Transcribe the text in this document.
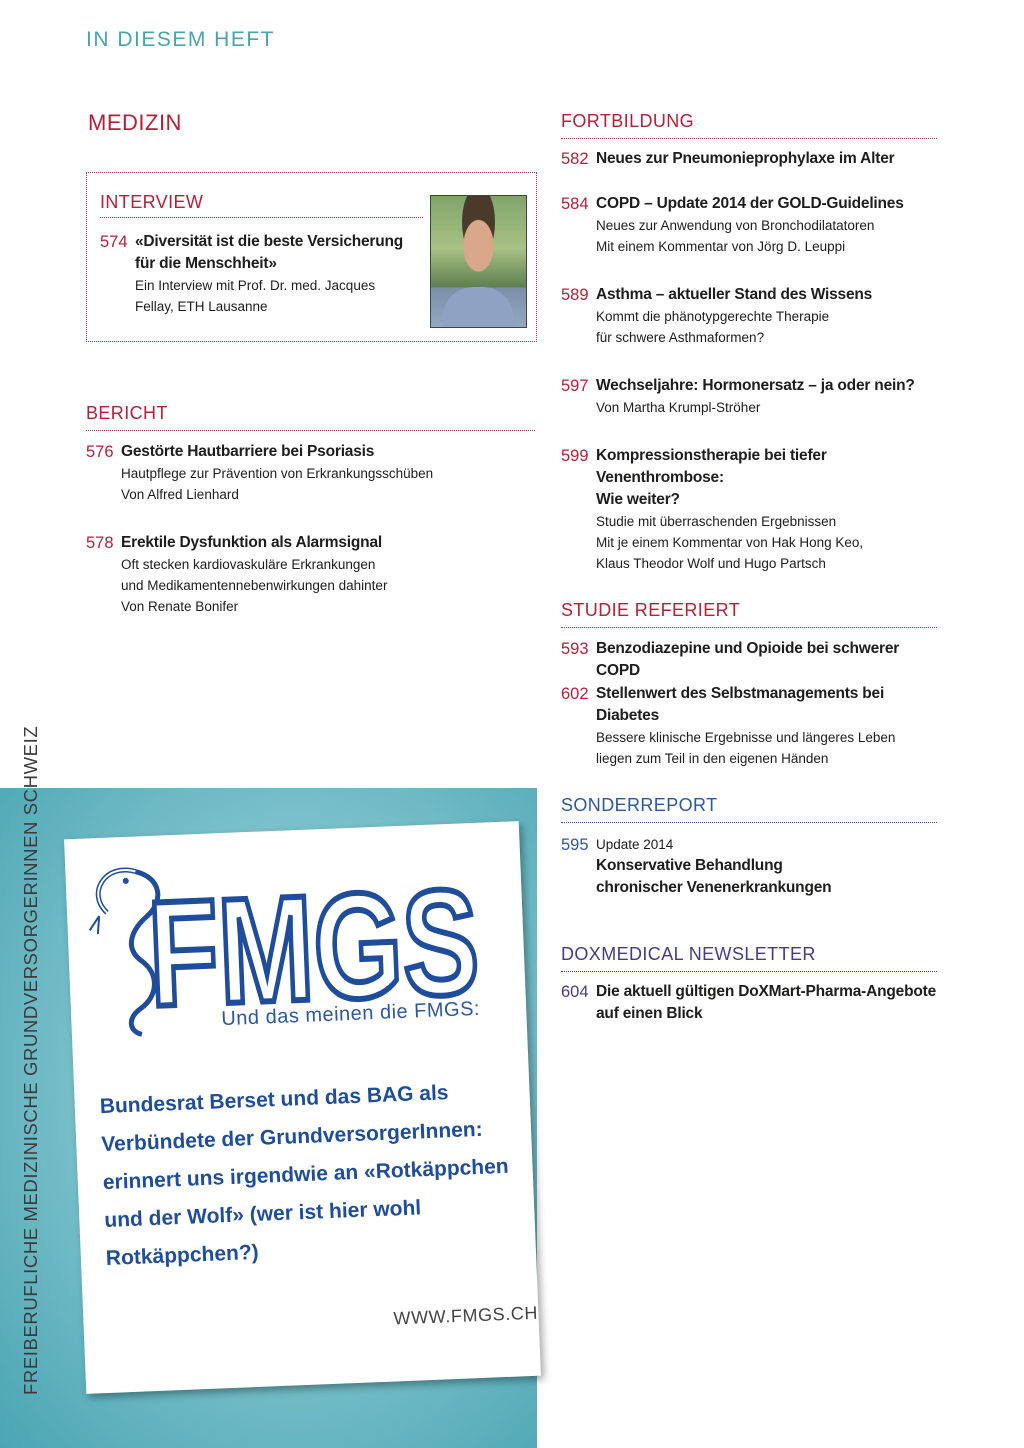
IN DIESEM HEFT
MEDIZIN
INTERVIEW
574 «Diversität ist die beste Versicherung
für die Menschheit»
Ein Interview mit Prof. Dr. med. Jacques
Fellay, ETH Lausanne
BERICHT
576 Gestörte Hautbarriere bei Psoriasis
Hautpflege zur Prävention von Erkrankungsschüben
Von Alfred Lienhard
578 Erektile Dysfunktion als Alarmsignal
Oft stecken kardiovaskuläre Erkrankungen
und Medikamentennebenwirkungen dahinter
Von Renate Bonifer
FORTBILDUNG
582 Neues zur Pneumonieprophylaxe im Alter
584 COPD – Update 2014 der GOLD-Guidelines
Neues zur Anwendung von Bronchodilatatoren
Mit einem Kommentar von Jörg D. Leuppi
589 Asthma – aktueller Stand des Wissens
Kommt die phänotypgerechte Therapie
für schwere Asthmaformen?
597 Wechseljahre: Hormonersatz – ja oder nein?
Von Martha Krumpl-Ströher
599 Kompressionstherapie bei tiefer Venenthrombose:
Wie weiter?
Studie mit überraschenden Ergebnissen
Mit je einem Kommentar von Hak Hong Keo,
Klaus Theodor Wolf und Hugo Partsch
STUDIE REFERIERT
593 Benzodiazepine und Opioide bei schwerer COPD
602 Stellenwert des Selbstmanagements bei Diabetes
Bessere klinische Ergebnisse und längeres Leben
liegen zum Teil in den eigenen Händen
SONDERREPORT
595 Update 2014
Konservative Behandlung
chronischer Venenerkrankungen
DOXMEDICAL NEWSLETTER
604 Die aktuell gültigen DoXMart-Pharma-Angebote
auf einen Blick
FREIBERUFLICHE MEDIZINISCHE GRUNDVERSORGERINNEN SCHWEIZ FMGS
Und das meinen die FMGS:
Bundesrat Berset und das BAG als Verbündete der GrundversorgerInnen: erinnert uns irgendwie an «Rotkäppchen und der Wolf» (wer ist hier wohl Rotkäppchen?)
WWW.FMGS.CH
